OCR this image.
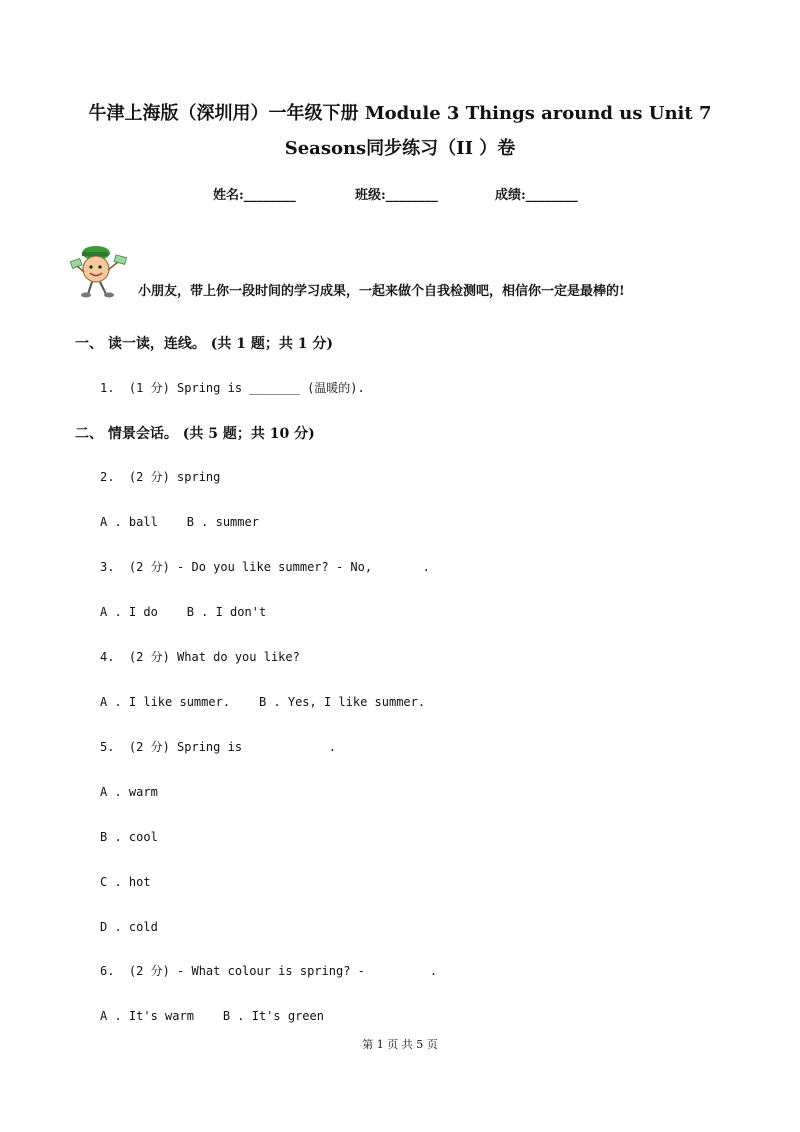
牛津上海版（深圳用）一年级下册 Module 3 Things around us Unit 7
Seasons同步练习（II ）卷
姓名:________	班级:________	成绩:________
小朋友，带上你一段时间的学习成果，一起来做个自我检测吧，相信你一定是最棒的!
一、 读一读，连线。 (共 1 题；共 1 分)
1.  (1 分) Spring is _______ (温暖的).
二、 情景会话。 (共 5 题；共 10 分)
2.  (2 分) spring
A . ball    B . summer
3.  (2 分) - Do you like summer? - No,       .
A . I do    B . I don't
4.  (2 分) What do you like?
A . I like summer.    B . Yes, I like summer.
5.  (2 分) Spring is            .
A . warm
B . cool
C . hot
D . cold
6.  (2 分) - What colour is spring? -         .
A . It's warm    B . It's green
第 1 页 共 5 页
